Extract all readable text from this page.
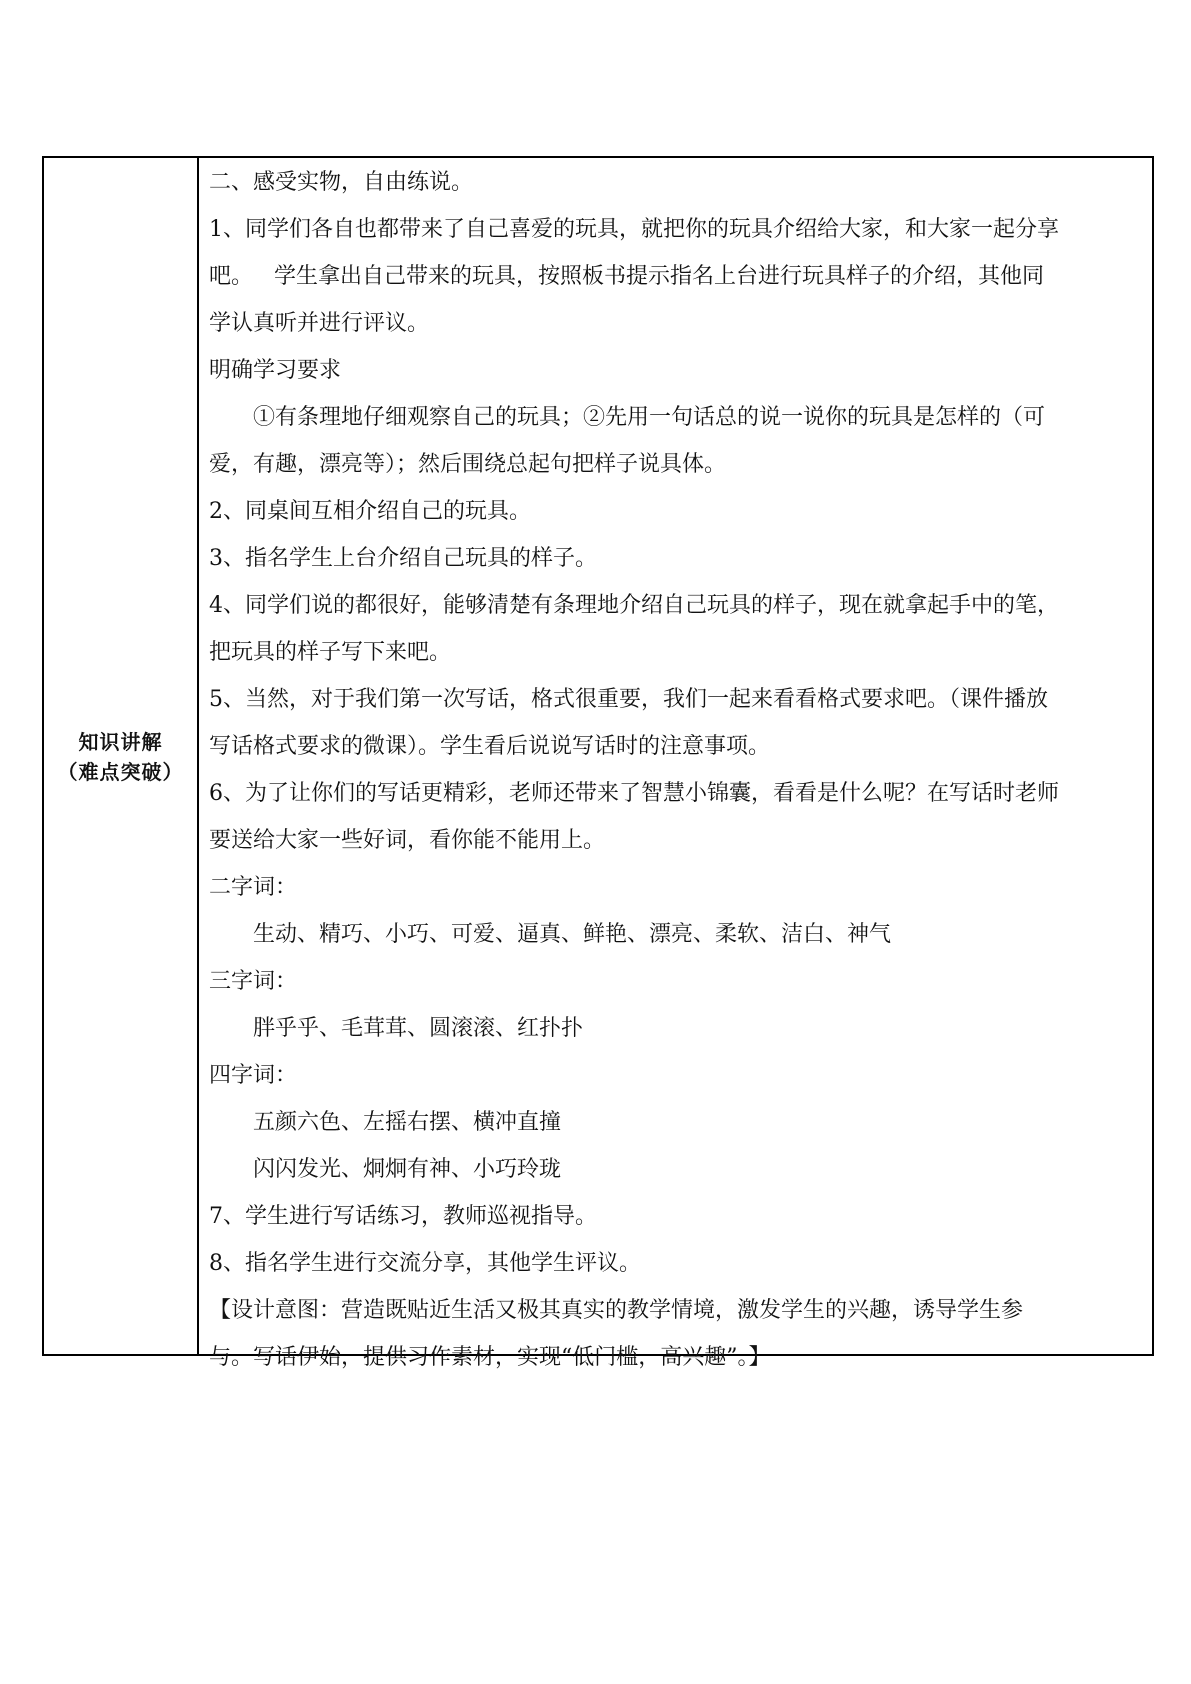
知识讲解
（难点突破）

二、感受实物，自由练说。

1、同学们各自也都带来了自己喜爱的玩具，就把你的玩具介绍给大家，和大家一起分享

吧。   学生拿出自己带来的玩具，按照板书提示指名上台进行玩具样子的介绍，其他同

学认真听并进行评议。

明确学习要求

①有条理地仔细观察自己的玩具；②先用一句话总的说一说你的玩具是怎样的（可

爱，有趣，漂亮等）；然后围绕总起句把样子说具体。

2、同桌间互相介绍自己的玩具。

3、指名学生上台介绍自己玩具的样子。

4、同学们说的都很好，能够清楚有条理地介绍自己玩具的样子，现在就拿起手中的笔，

把玩具的样子写下来吧。

5、当然，对于我们第一次写话，格式很重要，我们一起来看看格式要求吧。（课件播放

写话格式要求的微课）。学生看后说说写话时的注意事项。

6、为了让你们的写话更精彩，老师还带来了智慧小锦囊，看看是什么呢？在写话时老师

要送给大家一些好词，看你能不能用上。

二字词：

生动、精巧、小巧、可爱、逼真、鲜艳、漂亮、柔软、洁白、神气

三字词：

胖乎乎、毛茸茸、圆滚滚、红扑扑

四字词：

五颜六色、左摇右摆、横冲直撞

闪闪发光、炯炯有神、小巧玲珑

7、学生进行写话练习，教师巡视指导。

8、指名学生进行交流分享，其他学生评议。

【设计意图：营造既贴近生活又极其真实的教学情境，激发学生的兴趣，诱导学生参

与。写话伊始，提供习作素材，实现“低门槛，高兴趣”。】
